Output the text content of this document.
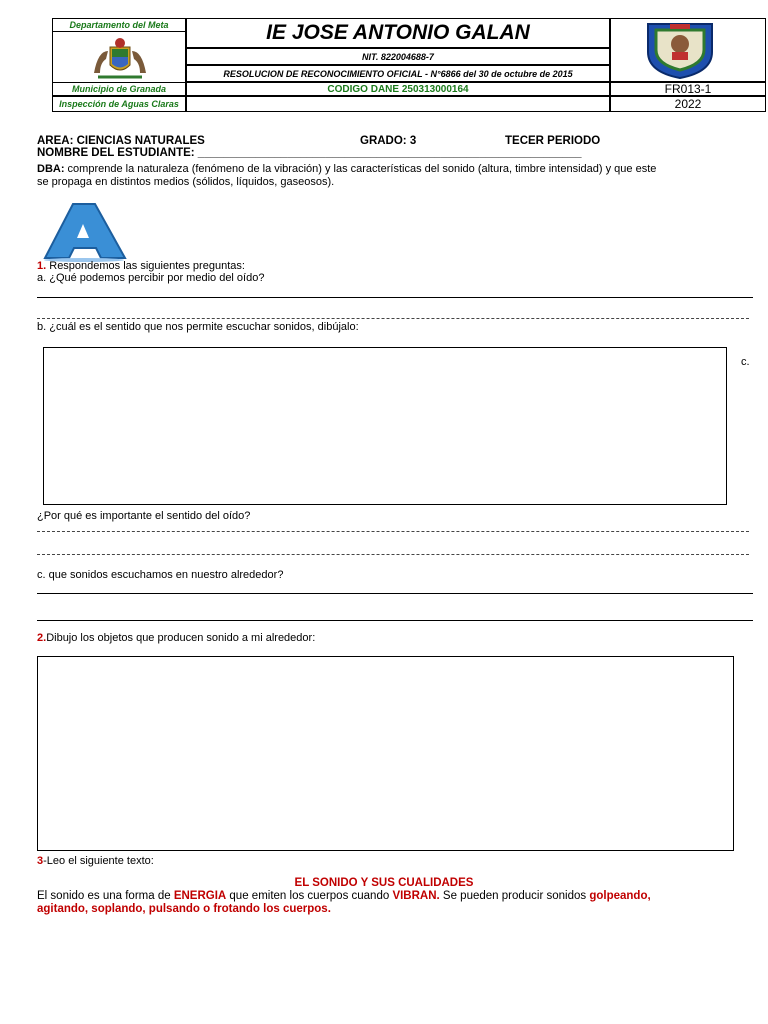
Departamento del Meta
Municipio de Granada
Inspección de Aguas Claras
IE JOSE ANTONIO GALAN
NIT. 822004688-7
RESOLUCION DE RECONOCIMIENTO OFICIAL - N°6866 del 30 de octubre de 2015
CODIGO DANE 250313000164	FR013-1
2022
AREA: CIENCIAS NATURALES	GRADO: 3	TECER PERIODO
NOMBRE DEL ESTUDIANTE: ____________________________________________________________
DBA: comprende la naturaleza (fenómeno de la vibración) y las características del sonido (altura, timbre intensidad) y que este
se propaga en distintos medios (sólidos, líquidos, gaseosos).
1. Respondemos las siguientes preguntas:
a. ¿Qué podemos percibir por medio del oído?
b. ¿cuál es el sentido que nos permite escuchar sonidos, dibújalo:
c.
¿Por qué es importante el sentido del oído?
c. que sonidos escuchamos en nuestro alrededor?
2.Dibujo los objetos que producen sonido a mi alrededor:
3-Leo el siguiente texto:
EL SONIDO Y SUS CUALIDADES
El sonido es una forma de ENERGIA que emiten los cuerpos cuando VIBRAN. Se pueden producir sonidos golpeando,
agitando, soplando, pulsando o frotando los cuerpos.
